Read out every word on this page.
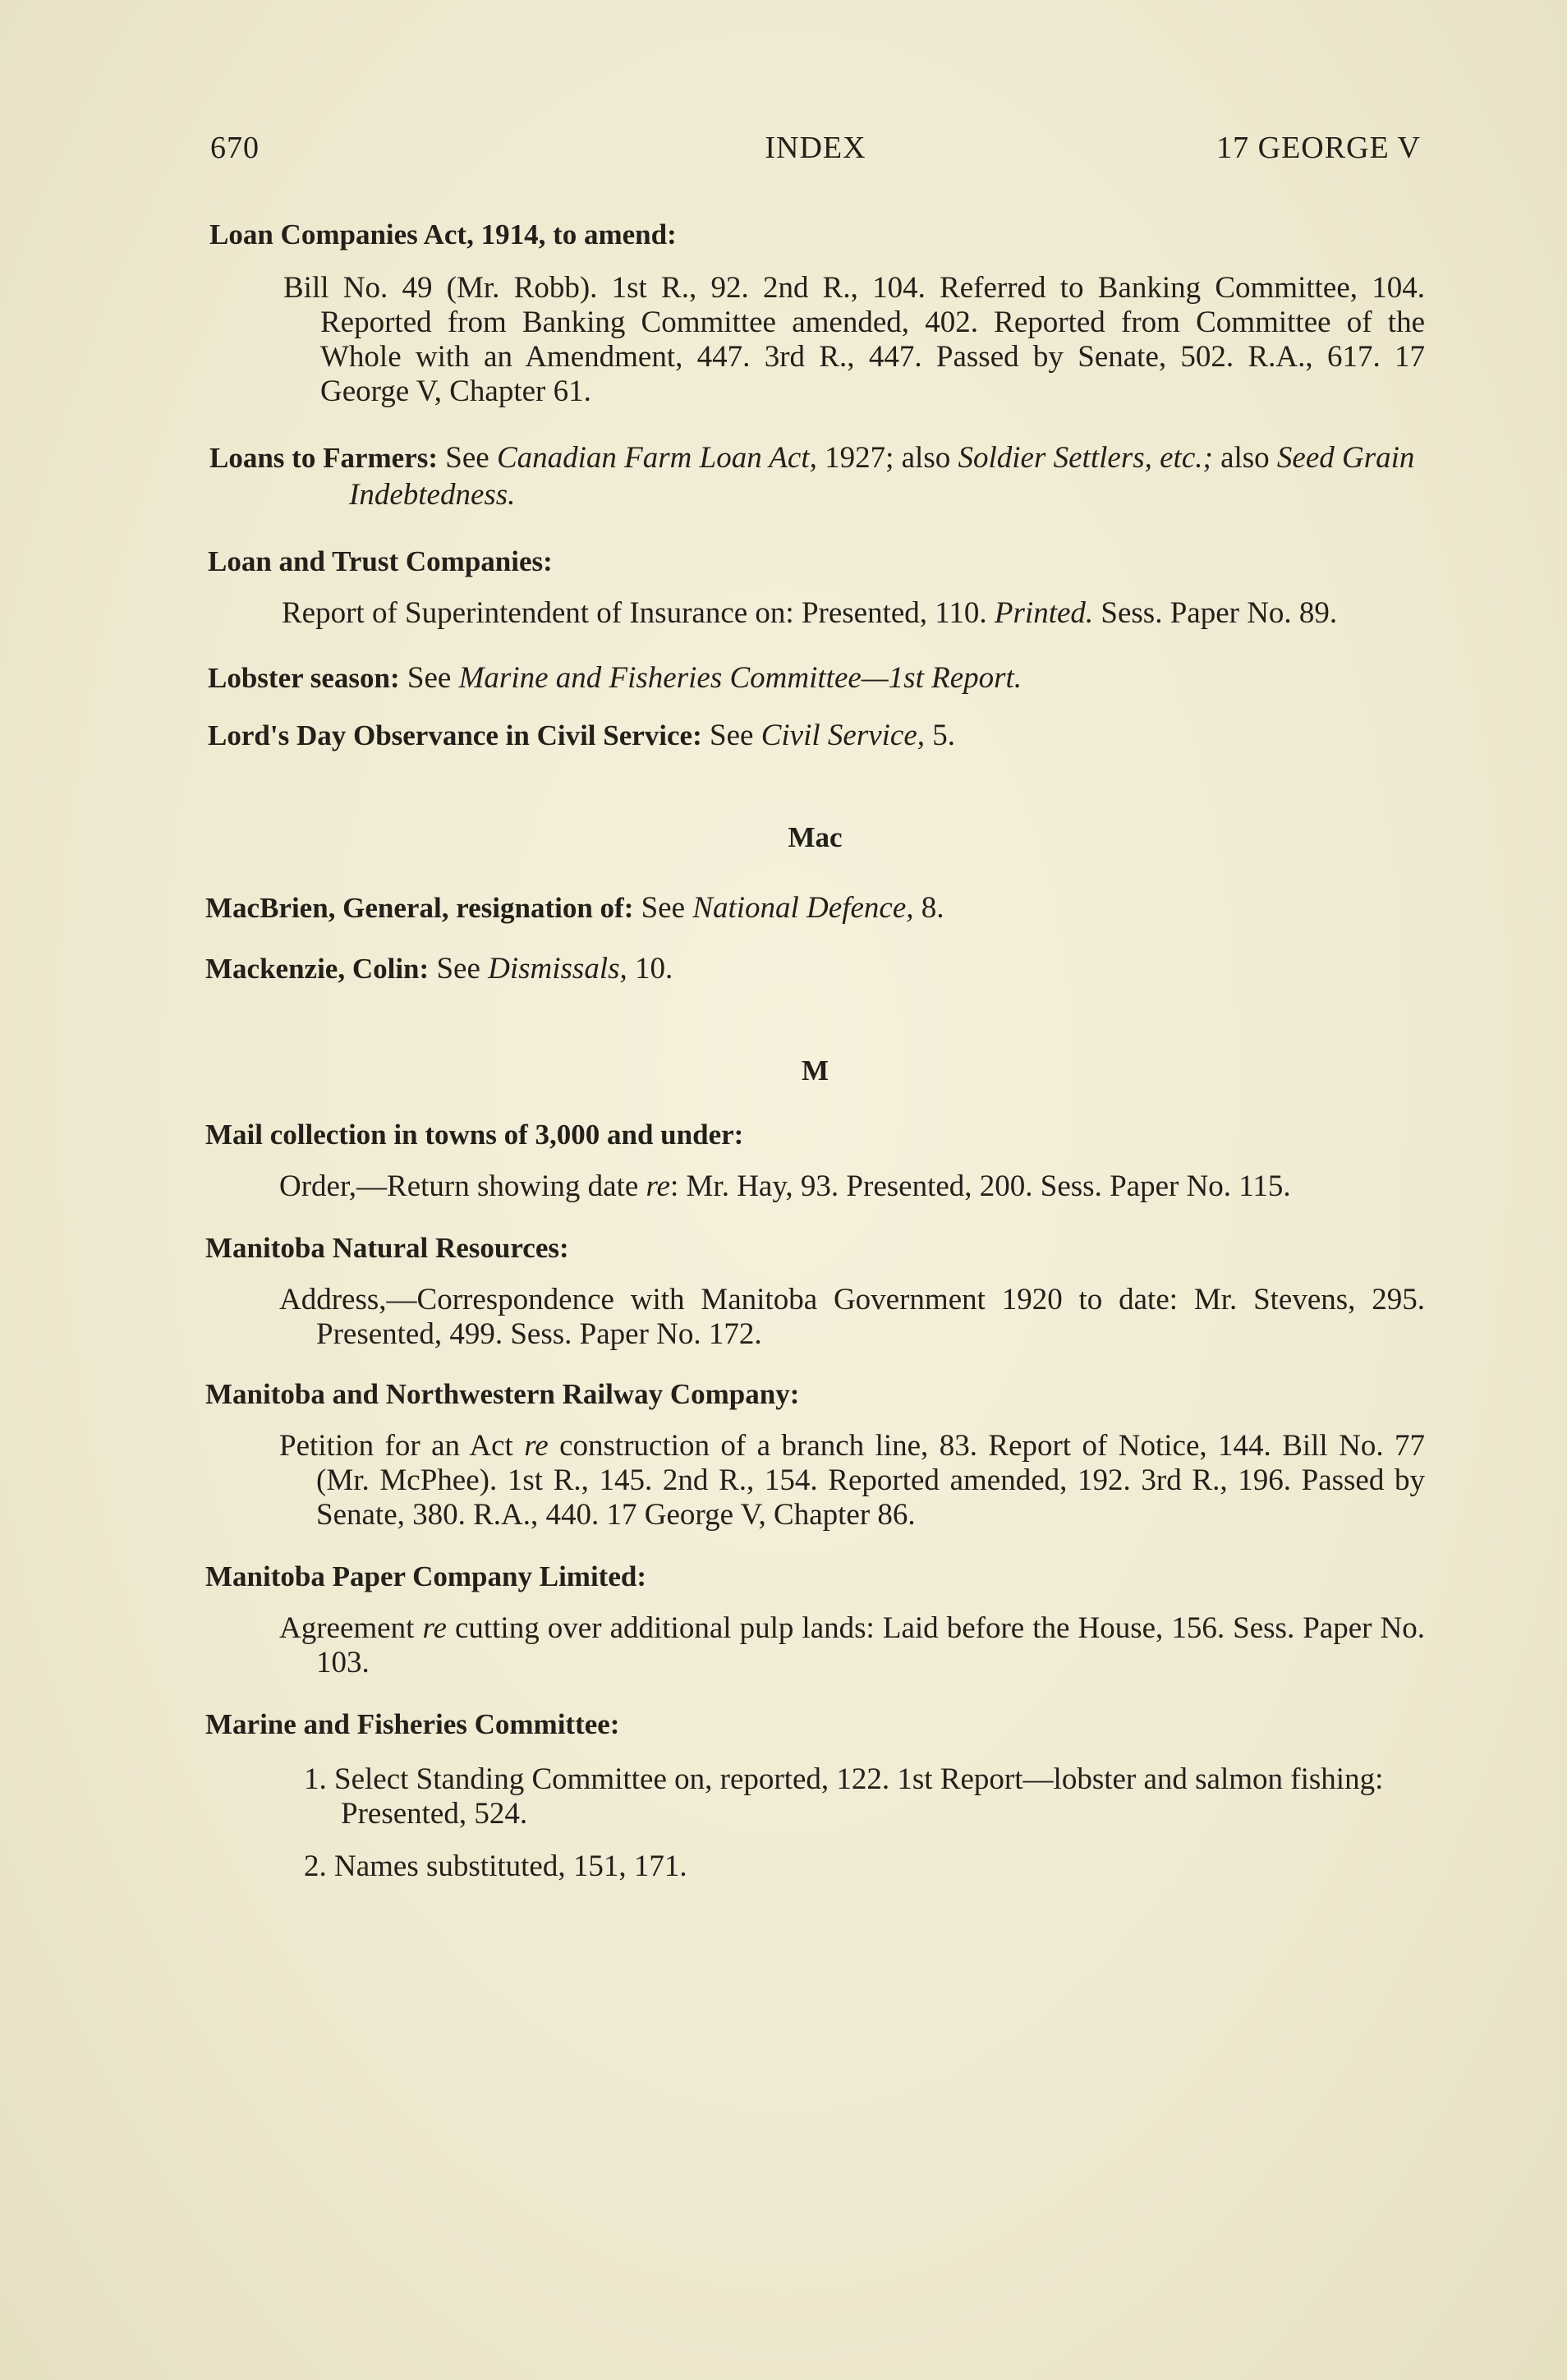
670	INDEX	17 GEORGE V
Loan Companies Act, 1914, to amend:
Bill No. 49 (Mr. Robb). 1st R., 92. 2nd R., 104. Referred to Banking Committee, 104. Reported from Banking Committee amended, 402. Reported from Committee of the Whole with an Amendment, 447. 3rd R., 447. Passed by Senate, 502. R.A., 617. 17 George V, Chapter 61.
Loans to Farmers: See Canadian Farm Loan Act, 1927; also Soldier Settlers, etc.; also Seed Grain Indebtedness.
Loan and Trust Companies:
Report of Superintendent of Insurance on: Presented, 110. Printed. Sess. Paper No. 89.
Lobster season: See Marine and Fisheries Committee—1st Report.
Lord's Day Observance in Civil Service: See Civil Service, 5.
Mac
MacBrien, General, resignation of: See National Defence, 8.
Mackenzie, Colin: See Dismissals, 10.
M
Mail collection in towns of 3,000 and under:
Order,—Return showing date re: Mr. Hay, 93. Presented, 200. Sess. Paper No. 115.
Manitoba Natural Resources:
Address,—Correspondence with Manitoba Government 1920 to date: Mr. Stevens, 295. Presented, 499. Sess. Paper No. 172.
Manitoba and Northwestern Railway Company:
Petition for an Act re construction of a branch line, 83. Report of Notice, 144. Bill No. 77 (Mr. McPhee). 1st R., 145. 2nd R., 154. Reported amended, 192. 3rd R., 196. Passed by Senate, 380. R.A., 440. 17 George V, Chapter 86.
Manitoba Paper Company Limited:
Agreement re cutting over additional pulp lands: Laid before the House, 156. Sess. Paper No. 103.
Marine and Fisheries Committee:
1. Select Standing Committee on, reported, 122. 1st Report—lobster and salmon fishing: Presented, 524.
2. Names substituted, 151, 171.
